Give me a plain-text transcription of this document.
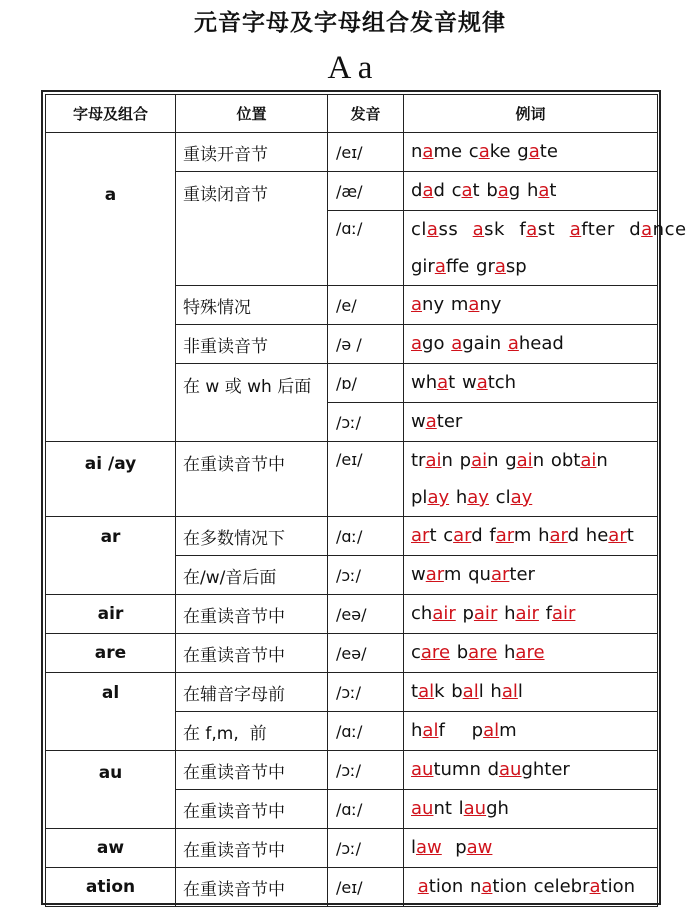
元音字母及字母组合发音规律
A a
字母及组合	位置	发音	例词
a	重读开音节	/eɪ/	name cake gate
	重读闭音节	/æ/	dad cat bag hat
		/ɑː/	class  ask  fast  after  dance
giraffe grasp

	特殊情况	/e/	any many
	非重读音节	/ə /	ago again ahead
	在 w 或 wh 后面	/ɒ/	what watch
		/ɔː/	water
ai /ay	在重读音节中	/eɪ/	train pain gain obtain
play hay clay

ar	在多数情况下	/ɑː/	art card farm hard heart
	在/w/音后面	/ɔː/	warm quarter
air	在重读音节中	/eə/	chair pair hair fair
are	在重读音节中	/eə/	care bare hare
al	在辅音字母前	/ɔː/	talk ball hall
	在 f,m,  前	/ɑː/	half    palm
au	在重读音节中	/ɔː/	autumn daughter
	在重读音节中	/ɑː/	aunt laugh
aw	在重读音节中	/ɔː/	law  paw
ation	在重读音节中	/eɪ/	ation nation celebration
